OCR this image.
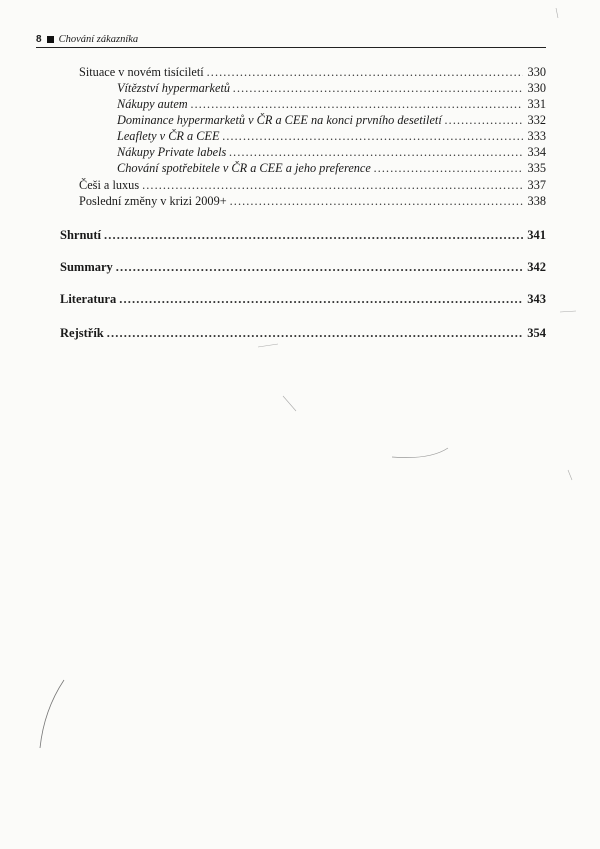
8 Chování zákazníka
Situace v novém tisíciletí . . .	330
Vítězství hypermarketů . . .	330
Nákupy autem . . .	331
Dominance hypermarketů v ČR a CEE na konci prvního desetiletí . . .	332
Leaflety v ČR a CEE . . .	333
Nákupy Private labels . . .	334
Chování spotřebitele v ČR a CEE a jeho preference . . .	335
Češi a luxus . . .	337
Poslední změny v krizi 2009+ . . .	338
Shrnutí . . .	341
Summary . . .	342
Literatura . . .	343
Rejstřík . . .	354
